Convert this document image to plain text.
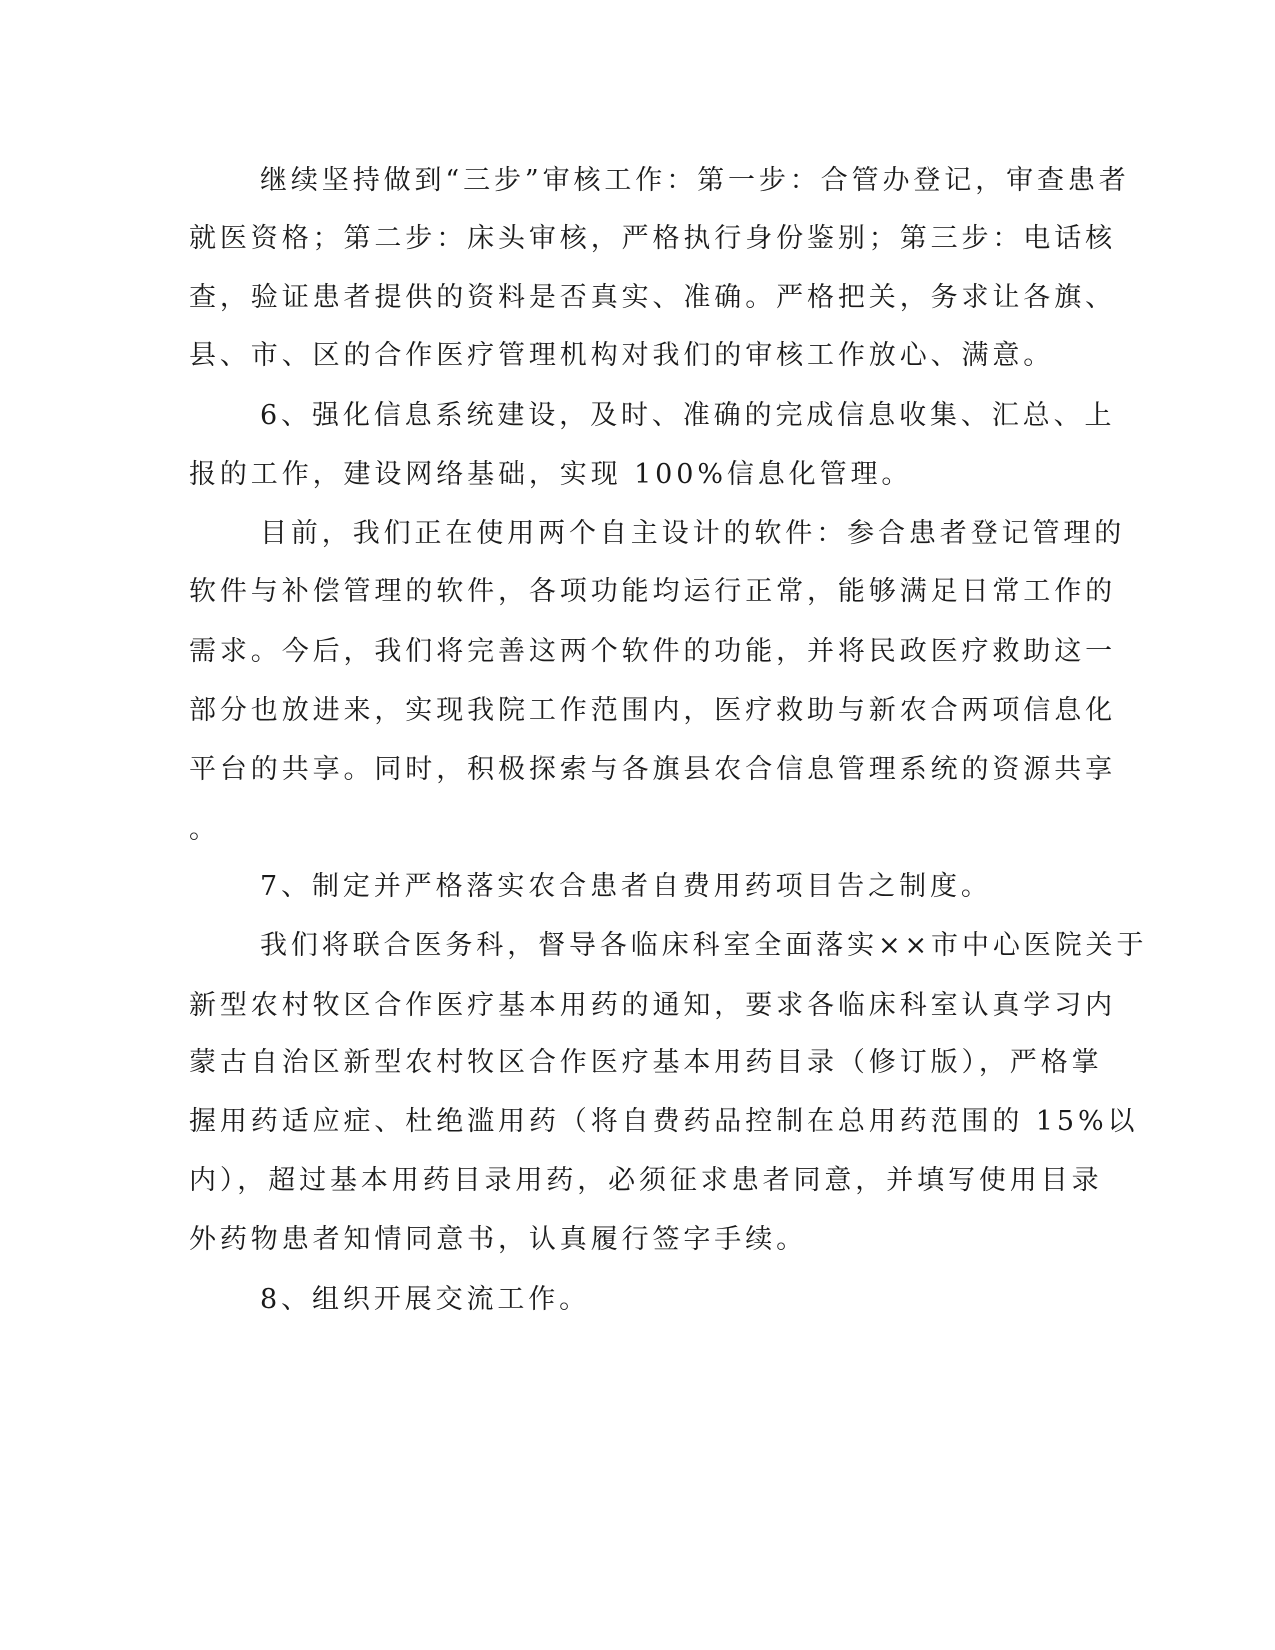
继续坚持做到“三步”审核工作：第一步：合管办登记，审查患者
就医资格；第二步：床头审核，严格执行身份鉴别；第三步：电话核
查，验证患者提供的资料是否真实、准确。严格把关，务求让各旗、
县、市、区的合作医疗管理机构对我们的审核工作放心、满意。
6、强化信息系统建设，及时、准确的完成信息收集、汇总、上
报的工作，建设网络基础，实现 100%信息化管理。
目前，我们正在使用两个自主设计的软件：参合患者登记管理的
软件与补偿管理的软件，各项功能均运行正常，能够满足日常工作的
需求。今后，我们将完善这两个软件的功能，并将民政医疗救助这一
部分也放进来，实现我院工作范围内，医疗救助与新农合两项信息化
平台的共享。同时，积极探索与各旗县农合信息管理系统的资源共享
。
7、制定并严格落实农合患者自费用药项目告之制度。
我们将联合医务科，督导各临床科室全面落实××市中心医院关于
新型农村牧区合作医疗基本用药的通知，要求各临床科室认真学习内
蒙古自治区新型农村牧区合作医疗基本用药目录（修订版），严格掌
握用药适应症、杜绝滥用药（将自费药品控制在总用药范围的 15%以
内），超过基本用药目录用药，必须征求患者同意，并填写使用目录
外药物患者知情同意书，认真履行签字手续。
8、组织开展交流工作。
